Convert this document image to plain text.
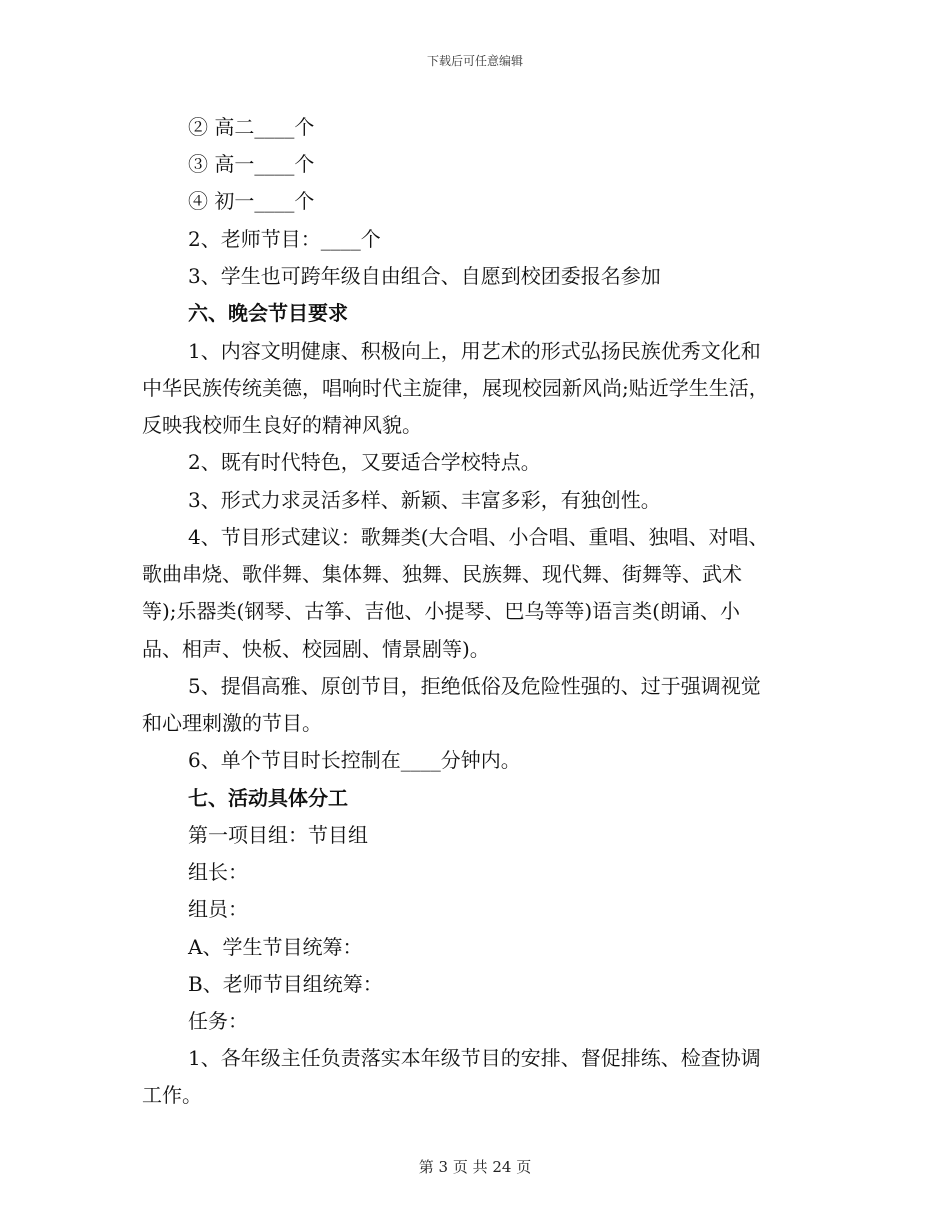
下载后可任意编辑
② 高二____个
③ 高一____个
④ 初一____个
2、老师节目：____个
3、学生也可跨年级自由组合、自愿到校团委报名参加
六、晚会节目要求
1、内容文明健康、积极向上，用艺术的形式弘扬民族优秀文化和
中华民族传统美德，唱响时代主旋律，展现校园新风尚;贴近学生生活，
反映我校师生良好的精神风貌。
2、既有时代特色，又要适合学校特点。
3、形式力求灵活多样、新颖、丰富多彩，有独创性。
4、节目形式建议：歌舞类(大合唱、小合唱、重唱、独唱、对唱、
歌曲串烧、歌伴舞、集体舞、独舞、民族舞、现代舞、街舞等、武术
等);乐器类(钢琴、古筝、吉他、小提琴、巴乌等等)语言类(朗诵、小
品、相声、快板、校园剧、情景剧等)。
5、提倡高雅、原创节目，拒绝低俗及危险性强的、过于强调视觉
和心理刺激的节目。
6、单个节目时长控制在____分钟内。
七、活动具体分工
第一项目组：节目组
组长：
组员：
A、学生节目统筹：
B、老师节目组统筹：
任务：
1、各年级主任负责落实本年级节目的安排、督促排练、检查协调
工作。
第 3 页 共 24 页
